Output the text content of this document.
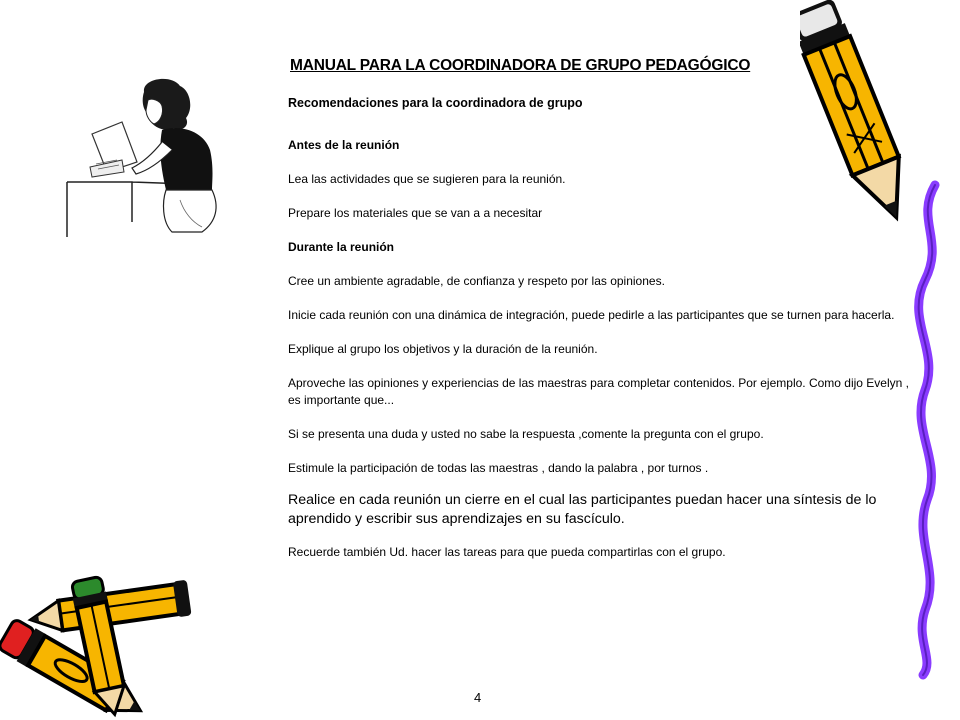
MANUAL PARA LA COORDINADORA DE GRUPO PEDAGÓGICO
Recomendaciones para la coordinadora de grupo

Antes de la reunión

Lea las actividades que se sugieren para la reunión.

Prepare los materiales que se van a a necesitar

Durante la reunión

Cree un ambiente agradable, de confianza y respeto por las opiniones.

Inicie cada reunión con una dinámica de integración, puede pedirle a las participantes que se turnen para hacerla.

Explique al grupo los objetivos y la duración de la reunión.

Aproveche las opiniones y experiencias de las maestras para completar contenidos. Por ejemplo. Como dijo Evelyn , es importante que...

Si se presenta una duda y usted no sabe la respuesta ,comente la pregunta con el grupo.

Estimule la participación de todas las maestras , dando la palabra , por turnos .

Realice en cada reunión un cierre en el cual las participantes puedan hacer una síntesis de lo aprendido y escribir sus aprendizajes en su fascículo.

Recuerde también Ud. hacer las tareas para que pueda compartirlas con el grupo.

4
